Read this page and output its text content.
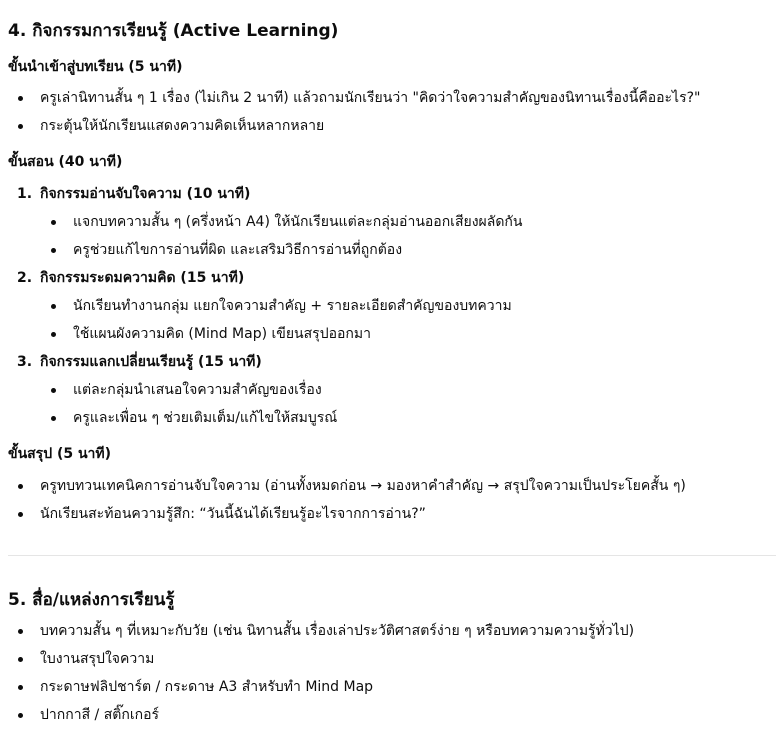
4. กิจกรรมการเรียนรู้ (Active Learning)
ขั้นนำเข้าสู่บทเรียน (5 นาที)
ครูเล่านิทานสั้น ๆ 1 เรื่อง (ไม่เกิน 2 นาที) แล้วถามนักเรียนว่า "คิดว่าใจความสำคัญของนิทานเรื่องนี้คืออะไร?"
กระตุ้นให้นักเรียนแสดงความคิดเห็นหลากหลาย
ขั้นสอน (40 นาที)
1. กิจกรรมอ่านจับใจความ (10 นาที)
แจกบทความสั้น ๆ (ครึ่งหน้า A4) ให้นักเรียนแต่ละกลุ่มอ่านออกเสียงผลัดกัน
ครูช่วยแก้ไขการอ่านที่ผิด และเสริมวิธีการอ่านที่ถูกต้อง
2. กิจกรรมระดมความคิด (15 นาที)
นักเรียนทำงานกลุ่ม แยกใจความสำคัญ + รายละเอียดสำคัญของบทความ
ใช้แผนผังความคิด (Mind Map) เขียนสรุปออกมา
3. กิจกรรมแลกเปลี่ยนเรียนรู้ (15 นาที)
แต่ละกลุ่มนำเสนอใจความสำคัญของเรื่อง
ครูและเพื่อน ๆ ช่วยเติมเต็ม/แก้ไขให้สมบูรณ์
ขั้นสรุป (5 นาที)
ครูทบทวนเทคนิคการอ่านจับใจความ (อ่านทั้งหมดก่อน → มองหาคำสำคัญ → สรุปใจความเป็นประโยคสั้น ๆ)
นักเรียนสะท้อนความรู้สึก: “วันนี้ฉันได้เรียนรู้อะไรจากการอ่าน?”
5. สื่อ/แหล่งการเรียนรู้
บทความสั้น ๆ ที่เหมาะกับวัย (เช่น นิทานสั้น เรื่องเล่าประวัติศาสตร์ง่าย ๆ หรือบทความความรู้ทั่วไป)
ใบงานสรุปใจความ
กระดาษฟลิปชาร์ต / กระดาษ A3 สำหรับทำ Mind Map
ปากกาสี / สติ๊กเกอร์
